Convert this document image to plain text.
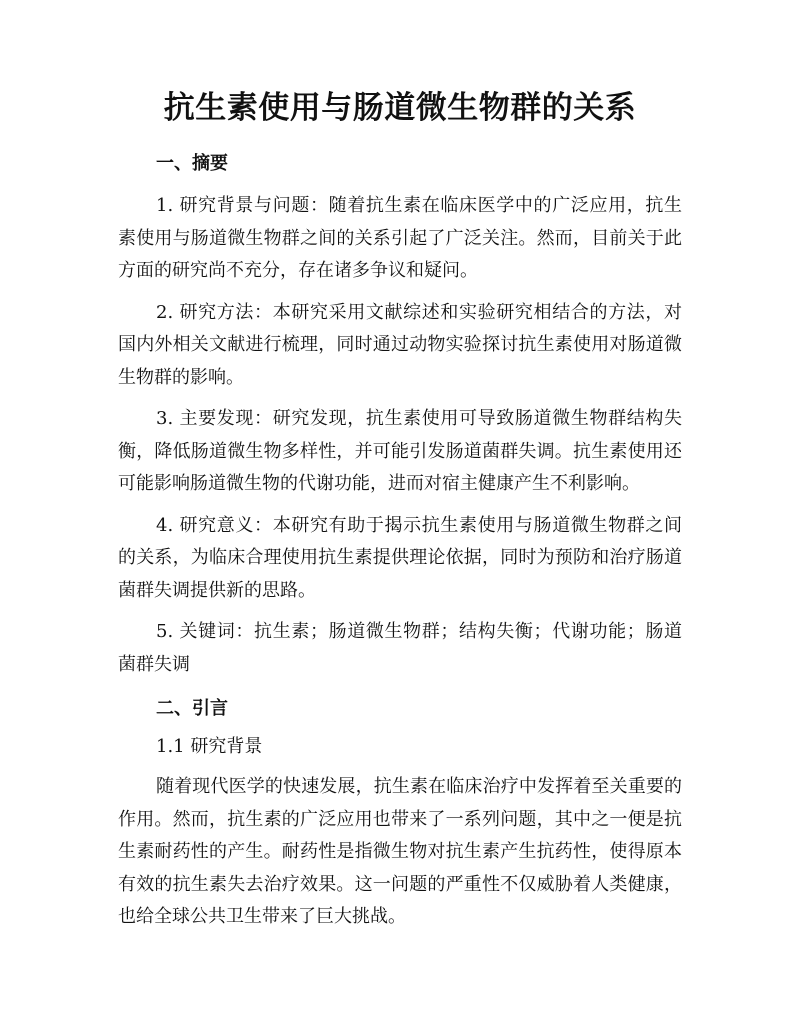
抗生素使用与肠道微生物群的关系
一、摘要

1. 研究背景与问题：随着抗生素在临床医学中的广泛应用，抗生素使用与肠道微生物群之间的关系引起了广泛关注。然而，目前关于此方面的研究尚不充分，存在诸多争议和疑问。

2. 研究方法：本研究采用文献综述和实验研究相结合的方法，对国内外相关文献进行梳理，同时通过动物实验探讨抗生素使用对肠道微生物群的影响。

3. 主要发现：研究发现，抗生素使用可导致肠道微生物群结构失衡，降低肠道微生物多样性，并可能引发肠道菌群失调。抗生素使用还可能影响肠道微生物的代谢功能，进而对宿主健康产生不利影响。

4. 研究意义：本研究有助于揭示抗生素使用与肠道微生物群之间的关系，为临床合理使用抗生素提供理论依据，同时为预防和治疗肠道菌群失调提供新的思路。

5. 关键词：抗生素；肠道微生物群；结构失衡；代谢功能；肠道菌群失调

二、引言
1.1 研究背景

随着现代医学的快速发展，抗生素在临床治疗中发挥着至关重要的作用。然而，抗生素的广泛应用也带来了一系列问题，其中之一便是抗生素耐药性的产生。耐药性是指微生物对抗生素产生抗药性，使得原本有效的抗生素失去治疗效果。这一问题的严重性不仅威胁着人类健康，也给全球公共卫生带来了巨大挑战。
